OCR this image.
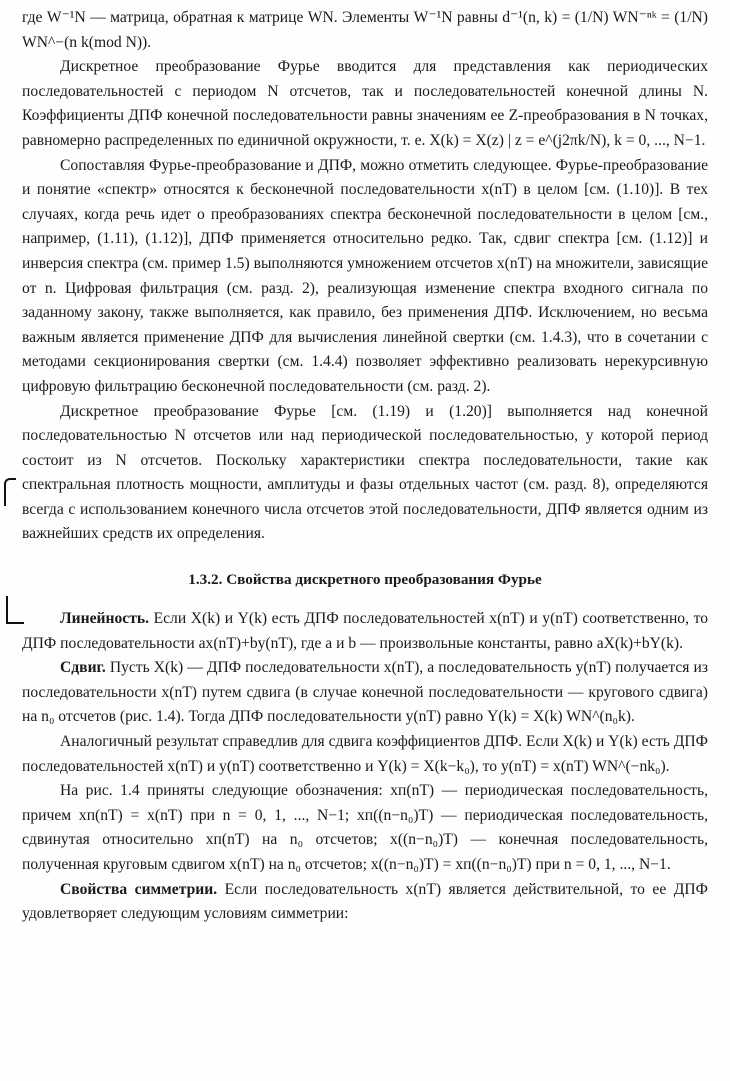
где W⁻¹N — матрица, обратная к матрице WN. Элементы W⁻¹N равны d⁻¹(n, k) = (1/N) WN⁻ⁿᵏ = (1/N) WN^−(n k(mod N)).

Дискретное преобразование Фурье вводится для представления как периодических последовательностей с периодом N отсчетов, так и последовательностей конечной длины N. Коэффициенты ДПФ конечной последовательности равны значениям ее Z-преобразования в N точках, равномерно распределенных по единичной окружности, т. е. X(k) = X(z) | z = e^(j2πk/N), k = 0, ..., N−1.

Сопоставляя Фурье-преобразование и ДПФ, можно отметить следующее. Фурье-преобразование и понятие «спектр» относятся к бесконечной последовательности x(nT) в целом [см. (1.10)]. В тех случаях, когда речь идет о преобразованиях спектра бесконечной последовательности в целом [см., например, (1.11), (1.12)], ДПФ применяется относительно редко. Так, сдвиг спектра [см. (1.12)] и инверсия спектра (см. пример 1.5) выполняются умножением отсчетов x(nT) на множители, зависящие от n. Цифровая фильтрация (см. разд. 2), реализующая изменение спектра входного сигнала по заданному закону, также выполняется, как правило, без применения ДПФ. Исключением, но весьма важным является применение ДПФ для вычисления линейной свертки (см. 1.4.3), что в сочетании с методами секционирования свертки (см. 1.4.4) позволяет эффективно реализовать нерекурсивную цифровую фильтрацию бесконечной последовательности (см. разд. 2).

Дискретное преобразование Фурье [см. (1.19) и (1.20)] выполняется над конечной последовательностью N отсчетов или над периодической последовательностью, у которой период состоит из N отсчетов. Поскольку характеристики спектра последовательности, такие как спектральная плотность мощности, амплитуды и фазы отдельных частот (см. разд. 8), определяются всегда с использованием конечного числа отсчетов этой последовательности, ДПФ является одним из важнейших средств их определения.

1.3.2. Свойства дискретного преобразования Фурье

Линейность. Если X(k) и Y(k) есть ДПФ последовательностей x(nT) и y(nT) соответственно, то ДПФ последовательности ax(nT)+by(nT), где a и b — произвольные константы, равно aX(k)+bY(k).

Сдвиг. Пусть X(k) — ДПФ последовательности x(nT), а последовательность y(nT) получается из последовательности x(nT) путем сдвига (в случае конечной последовательности — кругового сдвига) на n₀ отсчетов (рис. 1.4). Тогда ДПФ последовательности y(nT) равно Y(k) = X(k) WN^(n₀k).

Аналогичный результат справедлив для сдвига коэффициентов ДПФ. Если X(k) и Y(k) есть ДПФ последовательностей x(nT) и y(nT) соответственно и Y(k) = X(k−k₀), то y(nT) = x(nT) WN^(−nk₀).

На рис. 1.4 приняты следующие обозначения: xп(nT) — периодическая последовательность, причем xп(nT) = x(nT) при n = 0, 1, ..., N−1; xп((n−n₀)T) — периодическая последовательность, сдвинутая относительно xп(nT) на n₀ отсчетов; x((n−n₀)T) — конечная последовательность, полученная круговым сдвигом x(nT) на n₀ отсчетов; x((n−n₀)T) = xп((n−n₀)T) при n = 0, 1, ..., N−1.

Свойства симметрии. Если последовательность x(nT) является действительной, то ее ДПФ удовлетворяет следующим условиям симметрии:
